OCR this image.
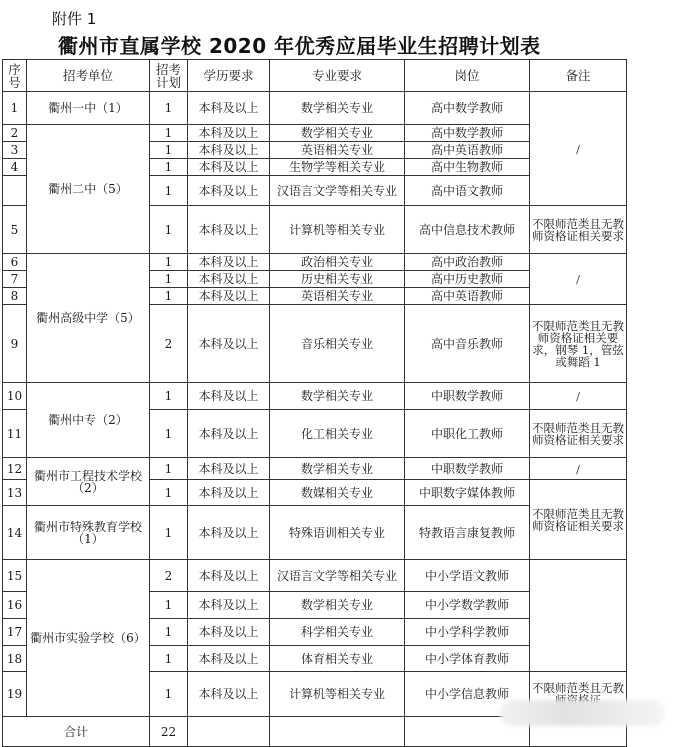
附件 1
衢州市直属学校 2020 年优秀应届毕业生招聘计划表
序号	招考单位	招考计划	学历要求	专业要求	岗位	备注
1	衢州一中（1）	1	本科及以上	数学相关专业	高中数学教师	/
2	衢州二中（5）	1	本科及以上	数学相关专业	高中数学教师	
3		1	本科及以上	英语相关专业	高中英语教师	
4		1	本科及以上	生物学等相关专业	高中生物教师	
		1	本科及以上	汉语言文学等相关专业	高中语文教师	
5		1	本科及以上	计算机等相关专业	高中信息技术教师	不限师范类且无教师资格证相关要求
6	衢州高级中学（5）	1	本科及以上	政治相关专业	高中政治教师	/
7		1	本科及以上	历史相关专业	高中历史教师	
8		1	本科及以上	英语相关专业	高中英语教师	
9		2	本科及以上	音乐相关专业	高中音乐教师	不限师范类且无教师资格证相关要求，钢琴 1，管弦或舞蹈 1
10	衢州中专（2）	1	本科及以上	数学相关专业	中职数学教师	/
11		1	本科及以上	化工相关专业	中职化工教师	不限师范类且无教师资格证相关要求
12	衢州市工程技术学校（2）	1	本科及以上	数学相关专业	中职数学教师	/
13		1	本科及以上	数媒相关专业	中职数字媒体教师	不限师范类且无教师资格证相关要求
14	衢州市特殊教育学校（1）	1	本科及以上	特殊语训相关专业	特教语言康复教师	
15	衢州市实验学校（6）	2	本科及以上	汉语言文学等相关专业	中小学语文教师	
16		1	本科及以上	数学相关专业	中小学数学教师	
17		1	本科及以上	科学相关专业	中小学科学教师	
18		1	本科及以上	体育相关专业	中小学体育教师	
19		1	本科及以上	计算机等相关专业	中小学信息教师	不限师范类且无教
合计		22				
